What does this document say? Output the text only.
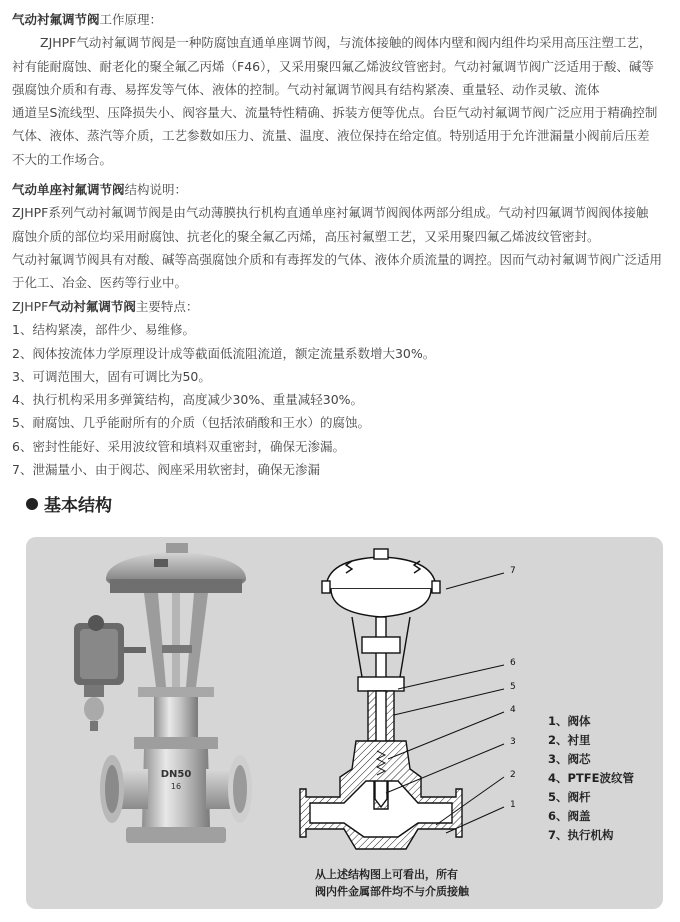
气动衬氟调节阀工作原理：
ZJHPF气动衬氟调节阀是一种防腐蚀直通单座调节阀，与流体接触的阀体内壁和阀内组件均采用高压注塑工艺，
衬有能耐腐蚀、耐老化的聚全氟乙丙烯（F46），又采用聚四氟乙烯波纹管密封。气动衬氟调节阀广泛适用于酸、碱等
强腐蚀介质和有毒、易挥发等气体、液体的控制。气动衬氟调节阀具有结构紧凑、重量轻、动作灵敏、流体
通道呈S流线型、压降损失小、阀容量大、流量特性精确、拆装方便等优点。台臣气动衬氟调节阀广泛应用于精确控制
气体、液体、蒸汽等介质，工艺参数如压力、流量、温度、液位保持在给定值。特别适用于允许泄漏量小阀前后压差
不大的工作场合。
气动单座衬氟调节阀结构说明：
ZJHPF系列气动衬氟调节阀是由气动薄膜执行机构直通单座衬氟调节阀阀体两部分组成。气动衬四氟调节阀阀体接触
腐蚀介质的部位均采用耐腐蚀、抗老化的聚全氟乙丙烯，高压衬氟塑工艺，又采用聚四氟乙烯波纹管密封。
气动衬氟调节阀具有对酸、碱等高强腐蚀介质和有毒挥发的气体、液体介质流量的调控。因而气动衬氟调节阀广泛适用
于化工、冶金、医药等行业中。
ZJHPF气动衬氟调节阀主要特点：
1、结构紧凑，部件少、易维修。
2、阀体按流体力学原理设计成等截面低流阻流道，额定流量系数增大30%。
3、可调范围大，固有可调比为50。
4、执行机构采用多弹簧结构，高度减少30%、重量减轻30%。
5、耐腐蚀、几乎能耐所有的介质（包括浓硝酸和王水）的腐蚀。
6、密封性能好、采用波纹管和填料双重密封，确保无渗漏。
7、泄漏量小、由于阀芯、阀座采用软密封，确保无渗漏
基本结构
DN50
16
7
6
5
4
3
2
1
1、阀体
2、衬里
3、阀芯
4、PTFE波纹管
5、阀杆
6、阀盖
7、执行机构
从上述结构图上可看出，所有
阀内件金属部件均不与介质接触
